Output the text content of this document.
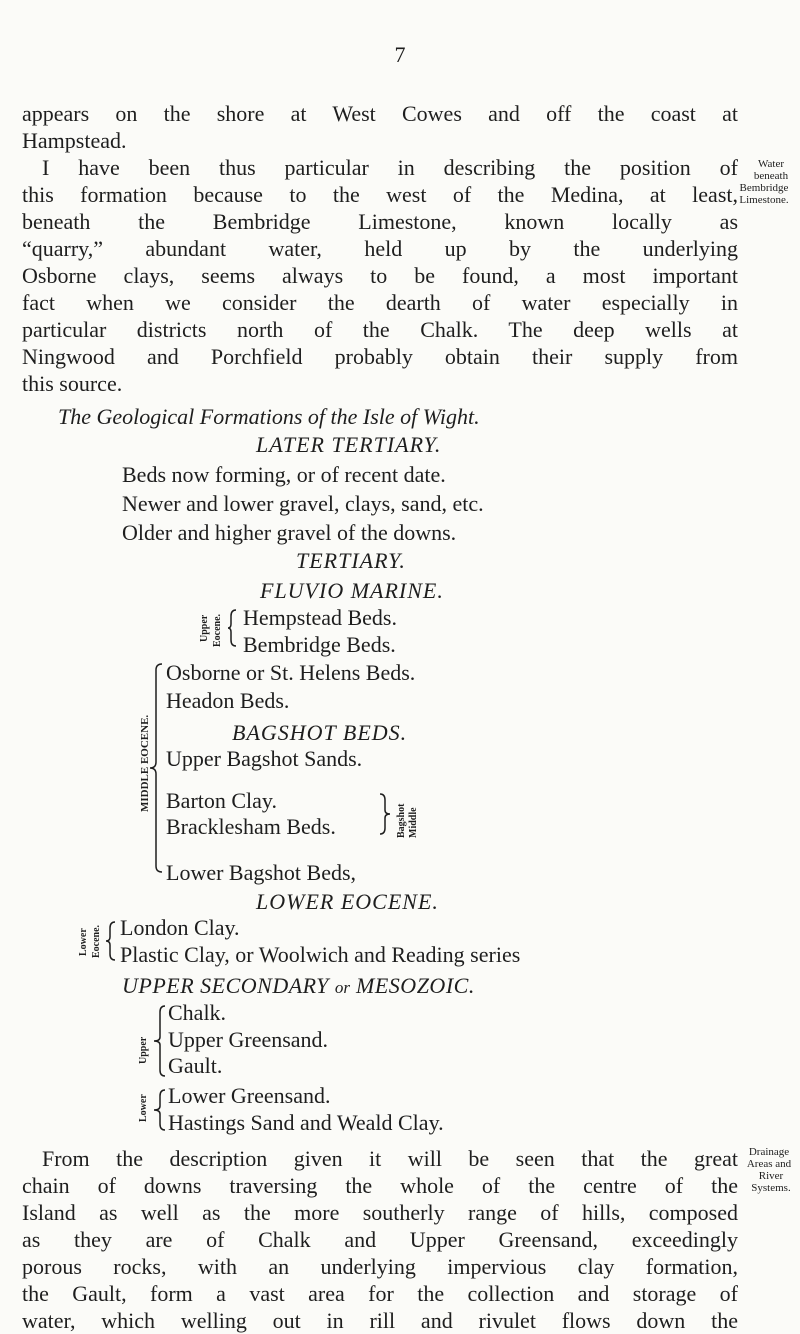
7
appears on the shore at West Cowes and off the coast at
Hampstead.
I have been thus particular in describing the position of
this formation because to the west of the Medina, at least,
beneath the Bembridge Limestone, known locally as
“quarry,” abundant water, held up by the underlying
Osborne clays, seems always to be found, a most important
fact when we consider the dearth of water especially in
particular districts north of the Chalk. The deep wells at
Ningwood and Porchfield probably obtain their supply from
this source.
Water beneath
Bembridge Limestone.
The Geological Formations of the Isle of Wight.
LATER TERTIARY.
Beds now forming, or of recent date.
Newer and lower gravel, clays, sand, etc.
Older and higher gravel of the downs.
TERTIARY.
FLUVIO MARINE.
Upper Eocene. Hempstead Beds.
Bembridge Beds.
MIDDLE EOCENE.
Osborne or St. Helens Beds.
Headon Beds.
BAGSHOT BEDS.
Upper Bagshot Sands.
Barton Clay.
Bracklesham Beds.	Middle
Bagshot
Lower Bagshot Beds,
LOWER EOCENE.
Lower Eocene. London Clay.
Plastic Clay, or Woolwich and Reading series
UPPER SECONDARY or MESOZOIC.
Upper
Chalk.
Upper Greensand.
Gault.
Lower Lower Greensand.
Hastings Sand and Weald Clay.
From the description given it will be seen that the great
chain of downs traversing the whole of the centre of the
Island as well as the more southerly range of hills, composed
as they are of Chalk and Upper Greensand, exceedingly
porous rocks, with an underlying impervious clay formation,
the Gault, form a vast area for the collection and storage of
water, which welling out in rill and rivulet flows down the
Drainage Areas and
River Systems.
